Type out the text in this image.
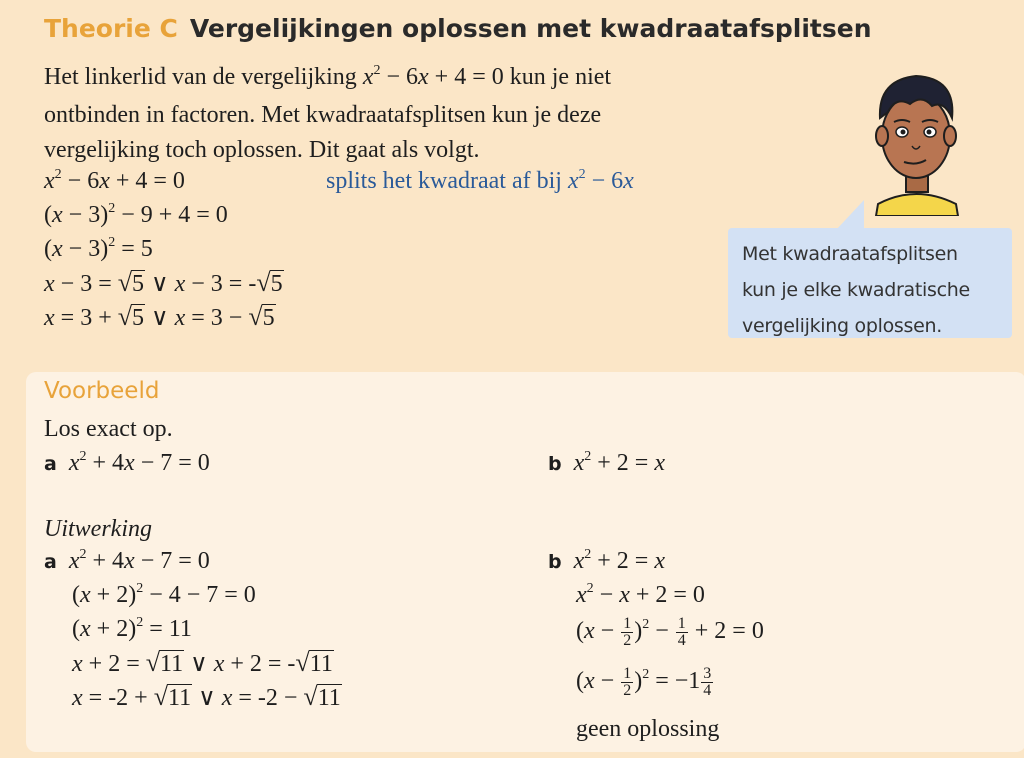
Theorie C Vergelijkingen oplossen met kwadraatafsplitsen
Het linkerlid van de vergelijking $x^2 - 6x + 4 = 0$ kun je niet
ontbinden in factoren. Met kwadraatafsplitsen kun je deze
vergelijking toch oplossen. Dit gaat als volgt.
$x^2 - 6x + 4 = 0$	splits het kwadraat af bij $x^2 - 6x$
$(x - 3)^2 - 9 + 4 = 0$
$(x - 3)^2 = 5$
x − 3 = √5 ∨ x − 3 = -√5
x = 3 + √5 ∨ x = 3 − √5
Met kwadraatafsplitsen
kun je elke kwadratische
vergelijking oplossen.
Voorbeeld
Los exact op.
a $x^2 + 4x - 7 = 0$	b $x^2 + 2 = x$
Uitwerking
a $x^2 + 4x - 7 = 0$
$(x + 2)^2 - 4 - 7 = 0$
$(x + 2)^2 = 11$
x + 2 = √11 ∨ x + 2 = -√11
x = -2 + √11 ∨ x = -2 − √11
b $x^2 + 2 = x$
$x^2 - x + 2 = 0$
$(x - \frac{1}{2} )^2 - \frac{1}{4} + 2 = 0$
$(x - \frac{1}{2} )^2 = -1 \frac{3}{4}$
geen oplossing
